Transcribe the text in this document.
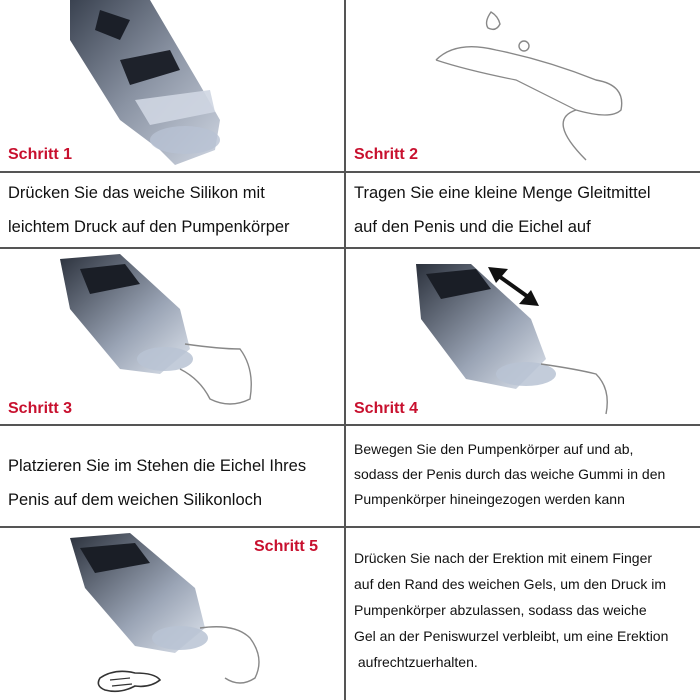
Schritt 1	Schritt 2
Drücken Sie das weiche Silikon mit
leichtem Druck auf den Pumpenkörper
Tragen Sie eine kleine Menge Gleitmittel
auf den Penis und die Eichel auf
Schritt 3	Schritt 4
Platzieren Sie im Stehen die Eichel Ihres
Penis auf dem weichen Silikonloch
Bewegen Sie den Pumpenkörper auf und ab,
sodass der Penis durch das weiche Gummi in den
Pumpenkörper hineingezogen werden kann
Schritt 5
Drücken Sie nach der Erektion mit einem Finger
auf den Rand des weichen Gels, um den Druck im
Pumpenkörper abzulassen, sodass das weiche
Gel an der Peniswurzel verbleibt, um eine Erektion
aufrechtzuerhalten.
